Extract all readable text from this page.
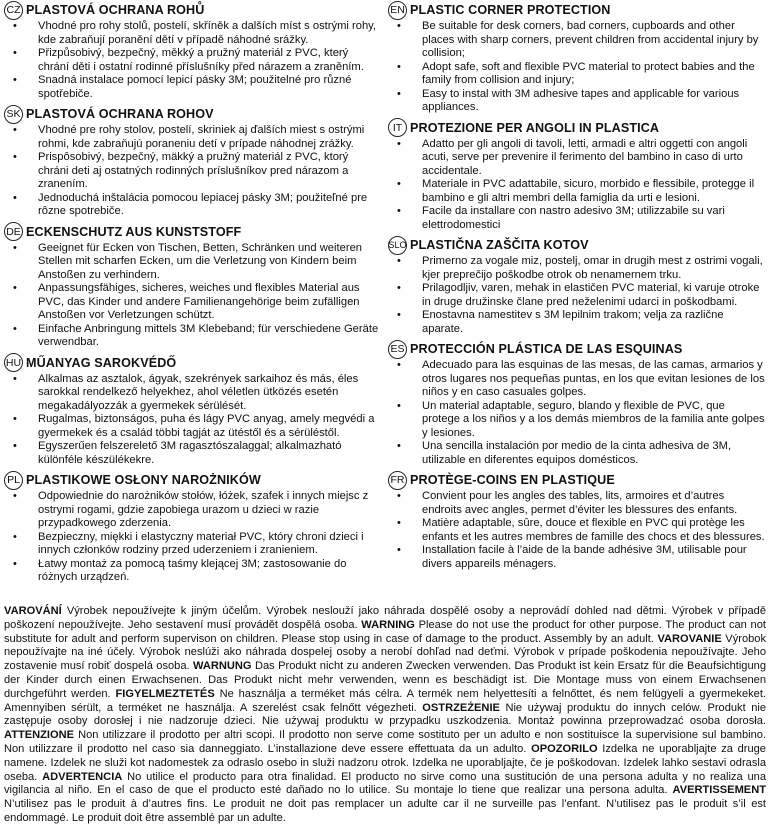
CZ PLASTOVÁ OCHRANA ROHŮ
• Vhodné pro rohy stolů, postelí, skříněk a dalších míst s ostrými rohy, kde zabraňují poranění dětí v případě náhodné srážky.
• Přizpůsobivý, bezpečný, měkký a pružný materiál z PVC, který chrání děti i ostatní rodinné příslušníky před nárazem a zraněním.
• Snadná instalace pomocí lepicí pásky 3M; použitelné pro různé spotřebiče.
SK PLASTOVÁ OCHRANA ROHOV
• Vhodné pre rohy stolov, postelí, skriniek aj ďalších miest s ostrými rohmi, kde zabraňujú poraneniu detí v prípade náhodnej zrážky.
• Prispôsobivý, bezpečný, mäkký a pružný materiál z PVC, ktorý chráni deti aj ostatných rodinných príslušníkov pred nárazom a zranením.
• Jednoduchá inštalácia pomocou lepiacej pásky 3M; použiteľné pre rôzne spotrebiče.
DE ECKENSCHUTZ AUS KUNSTSTOFF
• Geeignet für Ecken von Tischen, Betten, Schränken und weiteren Stellen mit scharfen Ecken, um die Verletzung von Kindern beim Anstoßen zu verhindern.
• Anpassungsfähiges, sicheres, weiches und flexibles Material aus PVC, das Kinder und andere Familienangehörige beim zufälligen Anstoßen vor Verletzungen schützt.
• Einfache Anbringung mittels 3M Klebeband; für verschiedene Geräte verwendbar.
HU MŰANYAG SAROKVÉDŐ
• Alkalmas az asztalok, ágyak, szekrények sarkaihoz és más, éles sarokkal rendelkező helyekhez, ahol véletlen ütközés esetén megakadályozzák a gyermekek sérülését.
• Rugalmas, biztonságos, puha és lágy PVC anyag, amely megvédi a gyermekek és a család többi tagját az ütéstől és a sérüléstől.
• Egyszerűen felszerelető 3M ragasztószalaggal; alkalmazható különféle készülékekre.
PL PLASTIKOWE OSŁONY NAROŻNIKÓW
• Odpowiednie do narożników stołów, łóżek, szafek i innych miejsc z ostrymi rogami, gdzie zapobiega urazom u dzieci w razie przypadkowego zderzenia.
• Bezpieczny, miękki i elastyczny materiał PVC, który chroni dzieci i innych członków rodziny przed uderzeniem i zranieniem.
• Łatwy montaż za pomocą taśmy klejącej 3M; zastosowanie do różnych urządzeń.
EN PLASTIC CORNER PROTECTION
• Be suitable for desk corners, bad corners, cupboards and other places with sharp corners, prevent children from accidental injury by collision;
• Adopt safe, soft and flexible PVC material to protect babies and the family from collision and injury;
• Easy to instal with 3M adhesive tapes and applicable for various appliances.
IT PROTEZIONE PER ANGOLI IN PLASTICA
• Adatto per gli angoli di tavoli, letti, armadi e altri oggetti con angoli acuti, serve per prevenire il ferimento del bambino in caso di urto accidentale.
• Materiale in PVC adattabile, sicuro, morbido e flessibile, protegge il bambino e gli altri membri della famiglia da urti e lesioni.
• Facile da installare con nastro adesivo 3M; utilizzabile su vari elettrodomestici
SLO PLASTIČNA ZAŠČITA KOTOV
• Primerno za vogale miz, postelj, omar in drugih mest z ostrimi vogali, kjer preprečijo poškodbe otrok ob nenamernem trku.
• Prilagodljiv, varen, mehak in elastičen PVC material, ki varuje otroke in druge družinske člane pred neželenimi udarci in poškodbami.
• Enostavna namestitev s 3M lepilnim trakom; velja za različne aparate.
ES PROTECCIÓN PLÁSTICA DE LAS ESQUINAS
• Adecuado para las esquinas de las mesas, de las camas, armarios y otros lugares nos pequeñas puntas, en los que evitan lesiones de los niños y en caso casuales golpes.
• Un material adaptable, seguro, blando y flexible de PVC, que protege a los niños y a los demás miembros de la familia ante golpes y lesiones.
• Una sencilla instalación por medio de la cinta adhesiva de 3M, utilizable en diferentes equipos domésticos.
FR PROTÈGE-COINS EN PLASTIQUE
• Convient pour les angles des tables, lits, armoires et d’autres endroits avec angles, permet d’éviter les blessures des enfants.
• Matière adaptable, sûre, douce et flexible en PVC qui protège les enfants et les autres membres de famille des chocs et des blessures.
• Installation facile à l’aide de la bande adhésive 3M, utilisable pour divers appareils ménagers.
VAROVÁNÍ Výrobek nepoužívejte k jiným účelům. Výrobek neslouží jako náhrada dospělé osoby a neprovádí dohled nad dětmi. Výrobek v případě poškození nepoužívejte. Jeho sestavení musí provádět dospělá osoba. WARNING Please do not use the product for other purpose. The product can not substitute for adult and perform supervison on children. Please stop using in case of damage to the product. Assembly by an adult. VAROVANIE Výrobok nepoužívajte na iné účely. Výrobok neslúži ako náhrada dospelej osoby a nerobí dohľad nad deťmi. Výrobok v prípade poškodenia nepoužívajte. Jeho zostavenie musí robiť dospelá osoba. WARNUNG Das Produkt nicht zu anderen Zwecken verwenden. Das Produkt ist kein Ersatz für die Beaufsichtigung der Kinder durch einen Erwachsenen. Das Produkt nicht mehr verwenden, wenn es beschädigt ist. Die Montage muss von einem Erwachsenen durchgeführt werden. FIGYELMEZTETÉS Ne használja a terméket más célra. A termék nem helyettesíti a felnőttet, és nem felügyeli a gyermekeket. Amennyiben sérült, a terméket ne használja. A szerelést csak felnőtt végezheti. OSTRZEŻENIE Nie używaj produktu do innych celów. Produkt nie zastępuje osoby dorosłej i nie nadzoruje dzieci. Nie używaj produktu w przypadku uszkodzenia. Montaż powinna przeprowadzać osoba dorosła. ATTENZIONE Non utilizzare il prodotto per altri scopi. Il prodotto non serve come sostituto per un adulto e non sostituisce la supervisione sul bambino. Non utilizzare il prodotto nel caso sia danneggiato. L’installazione deve essere effettuata da un adulto. OPOZORILO Izdelka ne uporabljajte za druge namene. Izdelek ne služi kot nadomestek za odraslo osebo in služi nadzoru otrok. Izdelka ne uporabljajte, če je poškodovan. Izdelek lahko sestavi odrasla oseba. ADVERTENCIA No utilice el producto para otra finalidad. El producto no sirve como una sustitución de una persona adulta y no realiza una vigilancia al niño. En el caso de que el producto esté dañado no lo utilice. Su montaje lo tiene que realizar una persona adulta. AVERTISSEMENT N’utilisez pas le produit à d’autres fins. Le produit ne doit pas remplacer un adulte car il ne surveille pas l’enfant. N’utilisez pas le produit s’il est endommagé. Le produit doit être assemblé par un adulte.
